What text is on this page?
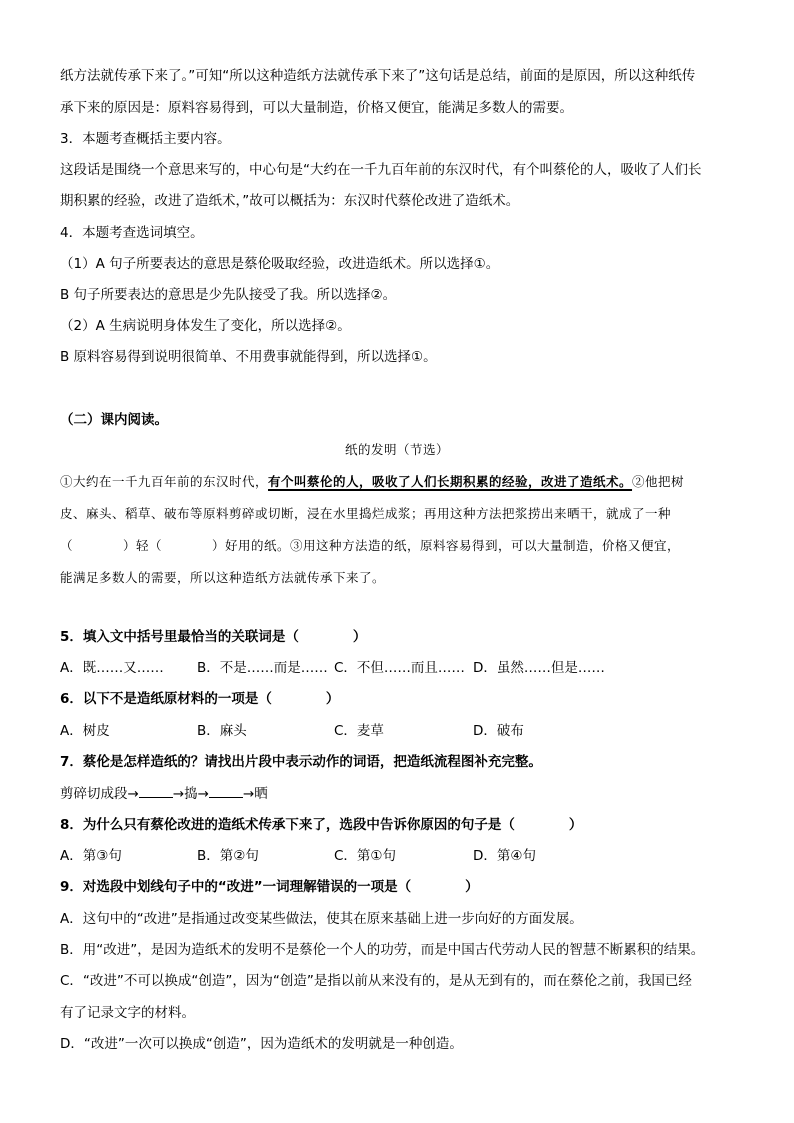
纸方法就传承下来了。”可知“所以这种造纸方法就传承下来了”这句话是总结，前面的是原因，所以这种纸传
承下来的原因是：原料容易得到，可以大量制造，价格又便宜，能满足多数人的需要。
3．本题考查概括主要内容。
这段话是围绕一个意思来写的，中心句是“大约在一千九百年前的东汉时代，有个叫蔡伦的人，吸收了人们长
期积累的经验，改进了造纸术，”故可以概括为：东汉时代蔡伦改进了造纸术。
4．本题考查选词填空。
（1）A 句子所要表达的意思是蔡伦吸取经验，改进造纸术。所以选择①。
B 句子所要表达的意思是少先队接受了我。所以选择②。
（2）A 生病说明身体发生了变化，所以选择②。
B 原料容易得到说明很简单、不用费事就能得到，所以选择①。
（二）课内阅读。
纸的发明（节选）
①大约在一千九百年前的东汉时代，有个叫蔡伦的人，吸收了人们长期积累的经验，改进了造纸术。②他把树
皮、麻头、稻草、破布等原料剪碎或切断，浸在水里捣烂成浆；再用这种方法把浆捞出来晒干，就成了一种
（	）轻（	）好用的纸。③用这种方法造的纸，原料容易得到，可以大量制造，价格又便宜，
能满足多数人的需要，所以这种造纸方法就传承下来了。
5．填入文中括号里最恰当的关联词是（　　　　）
A．既……又…… B．不是……而是…… C．不但……而且…… D．虽然……但是……
6．以下不是造纸原材料的一项是（　　　　）
A．树皮	B．麻头	C．麦草	D．破布
7．蔡伦是怎样造纸的？请找出片段中表示动作的词语，把造纸流程图补充完整。
剪碎切成段→	→捣→	→晒
8．为什么只有蔡伦改进的造纸术传承下来了，选段中告诉你原因的句子是（　　　　）
A．第③句	B．第②句	C．第①句	D．第④句
9．对选段中划线句子中的“改进”一词理解错误的一项是（　　　　）
A．这句中的“改进”是指通过改变某些做法，使其在原来基础上进一步向好的方面发展。
B．用“改进”，是因为造纸术的发明不是蔡伦一个人的功劳，而是中国古代劳动人民的智慧不断累积的结果。
C．“改进”不可以换成“创造”，因为“创造”是指以前从来没有的，是从无到有的，而在蔡伦之前，我国已经
有了记录文字的材料。
D．“改进”一次可以换成“创造”，因为造纸术的发明就是一种创造。
